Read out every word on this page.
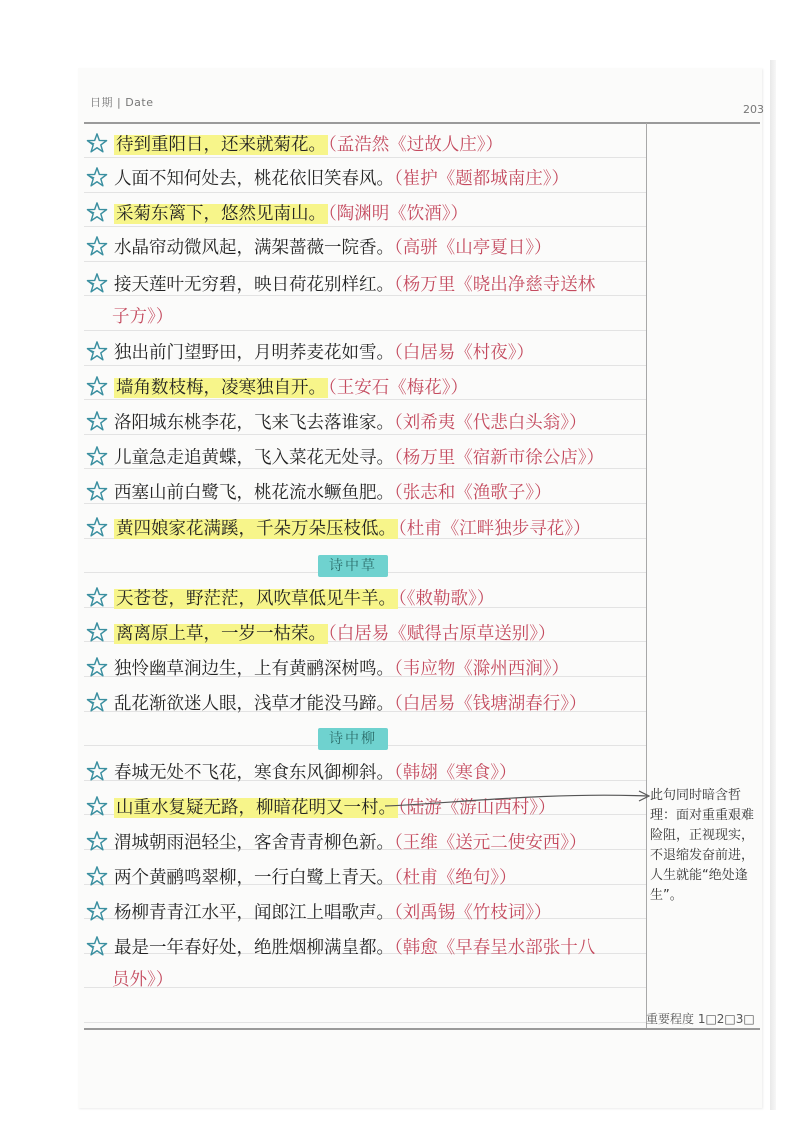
日期 | Date
203
重要程度 1□2□3□
待到重阳日，还来就菊花。 （孟浩然《过故人庄》）
人面不知何处去，桃花依旧笑春风。（崔护《题都城南庄》）
采菊东篱下，悠然见南山。 （陶渊明《饮酒》）
水晶帘动微风起，满架蔷薇一院香。（高骈《山亭夏日》）
接天莲叶无穷碧，映日荷花别样红。（杨万里《晓出净慈寺送林
子方》）
独出前门望野田，月明荞麦花如雪。（白居易《村夜》）
墙角数枝梅，凌寒独自开。 （王安石《梅花》）
洛阳城东桃李花，飞来飞去落谁家。（刘希夷《代悲白头翁》）
儿童急走追黄蝶，飞入菜花无处寻。（杨万里《宿新市徐公店》）
西塞山前白鹭飞，桃花流水鳜鱼肥。（张志和《渔歌子》）
黄四娘家花满蹊，千朵万朵压枝低。 （杜甫《江畔独步寻花》）
天苍苍，野茫茫，风吹草低见牛羊。 （《敕勒歌》）
离离原上草，一岁一枯荣。 （白居易《赋得古原草送别》）
独怜幽草涧边生，上有黄鹂深树鸣。（韦应物《滁州西涧》）
乱花渐欲迷人眼，浅草才能没马蹄。（白居易《钱塘湖春行》）
春城无处不飞花，寒食东风御柳斜。（韩翃《寒食》）
山重水复疑无路，柳暗花明又一村。 （陆游《游山西村》）
渭城朝雨浥轻尘，客舍青青柳色新。（王维《送元二使安西》）
两个黄鹂鸣翠柳，一行白鹭上青天。（杜甫《绝句》）
杨柳青青江水平，闻郎江上唱歌声。（刘禹锡《竹枝词》）
最是一年春好处，绝胜烟柳满皇都。（韩愈《早春呈水部张十八
员外》）
诗中草
诗中柳
此句同时暗含哲理：面对重重艰难险阻，正视现实，不退缩发奋前进，人生就能“绝处逢生”。
